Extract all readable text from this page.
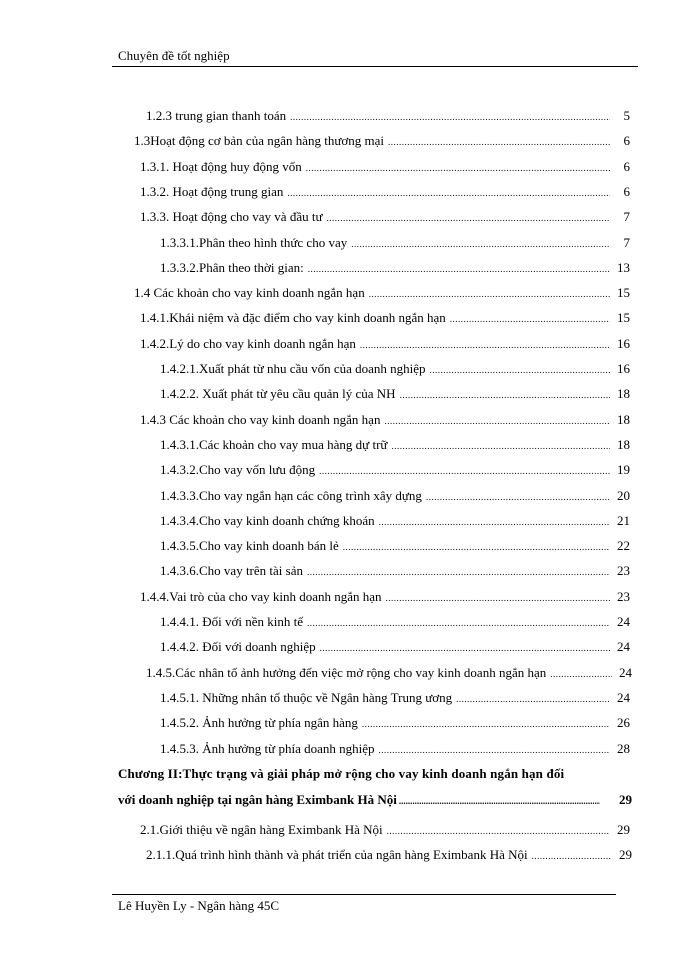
Chuyên đề tốt nghiệp
1.2.3 trung gian thanh toán .....	5
1.3Hoạt động cơ bản của ngân hàng thương mại .....	6
1.3.1. Hoạt động huy động vốn .....	6
1.3.2. Hoạt động trung gian .....	6
1.3.3. Hoạt động cho vay và đầu tư .....	7
1.3.3.1.Phân theo hình thức cho vay .....	7
1.3.3.2.Phân theo thời gian: .....	13
1.4 Các khoản cho vay kinh doanh ngắn hạn .....	15
1.4.1.Khái niệm và đặc điểm cho vay kinh doanh ngắn hạn .....	15
1.4.2.Lý do cho vay kinh doanh ngắn hạn .....	16
1.4.2.1.Xuất phát từ nhu cầu vốn của doanh nghiệp .....	16
1.4.2.2. Xuất phát từ yêu cầu quản lý của NH .....	18
1.4.3 Các khoản cho vay kinh doanh ngắn hạn .....	18
1.4.3.1.Các khoản cho vay mua hàng dự trữ .....	18
1.4.3.2.Cho vay vốn lưu động .....	19
1.4.3.3.Cho vay ngắn hạn các công trình xây dựng .....	20
1.4.3.4.Cho vay kinh doanh chứng khoán .....	21
1.4.3.5.Cho vay kinh doanh bán lẻ .....	22
1.4.3.6.Cho vay trên tài sản .....	23
1.4.4.Vai trò của cho vay kinh doanh ngắn hạn .....	23
1.4.4.1. Đối với nền kinh tế .....	24
1.4.4.2. Đối với doanh nghiệp .....	24
1.4.5.Các nhân tố ảnh hưởng đến việc mở rộng cho vay kinh doanh ngắn hạn .....	24
1.4.5.1. Những nhân tố thuộc về Ngân hàng Trung ương .....	24
1.4.5.2. Ảnh hưởng từ phía ngân hàng .....	26
1.4.5.3. Ảnh hưởng từ phía doanh nghiệp .....	28
Chương II:Thực trạng và giải pháp mở rộng cho vay kinh doanh ngắn hạn đối
với doanh nghiệp tại ngân hàng Eximbank Hà Nội .....	29
2.1.Giới thiệu về ngân hàng Eximbank Hà Nội .....	29
2.1.1.Quá trình hình thành và phát triển của ngân hàng Eximbank Hà Nội .....	29
Lê Huyền Ly - Ngân hàng 45C
